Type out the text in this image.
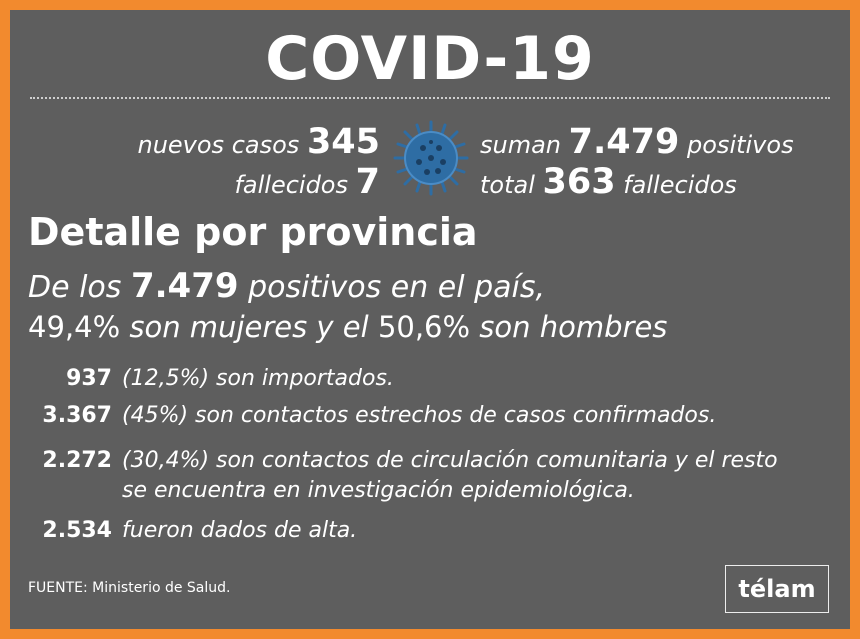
COVID-19
nuevos casos 345
fallecidos 7
suman 7.479 positivos
total 363 fallecidos
Detalle por provincia
De los 7.479 positivos en el país,
49,4% son mujeres y el 50,6% son hombres
937 (12,5%) son importados.
3.367 (45%) son contactos estrechos de casos confirmados.
2.272 (30,4%) son contactos de circulación comunitaria y el resto
se encuentra en investigación epidemiológica.
2.534 fueron dados de alta.
FUENTE: Ministerio de Salud.	télam
